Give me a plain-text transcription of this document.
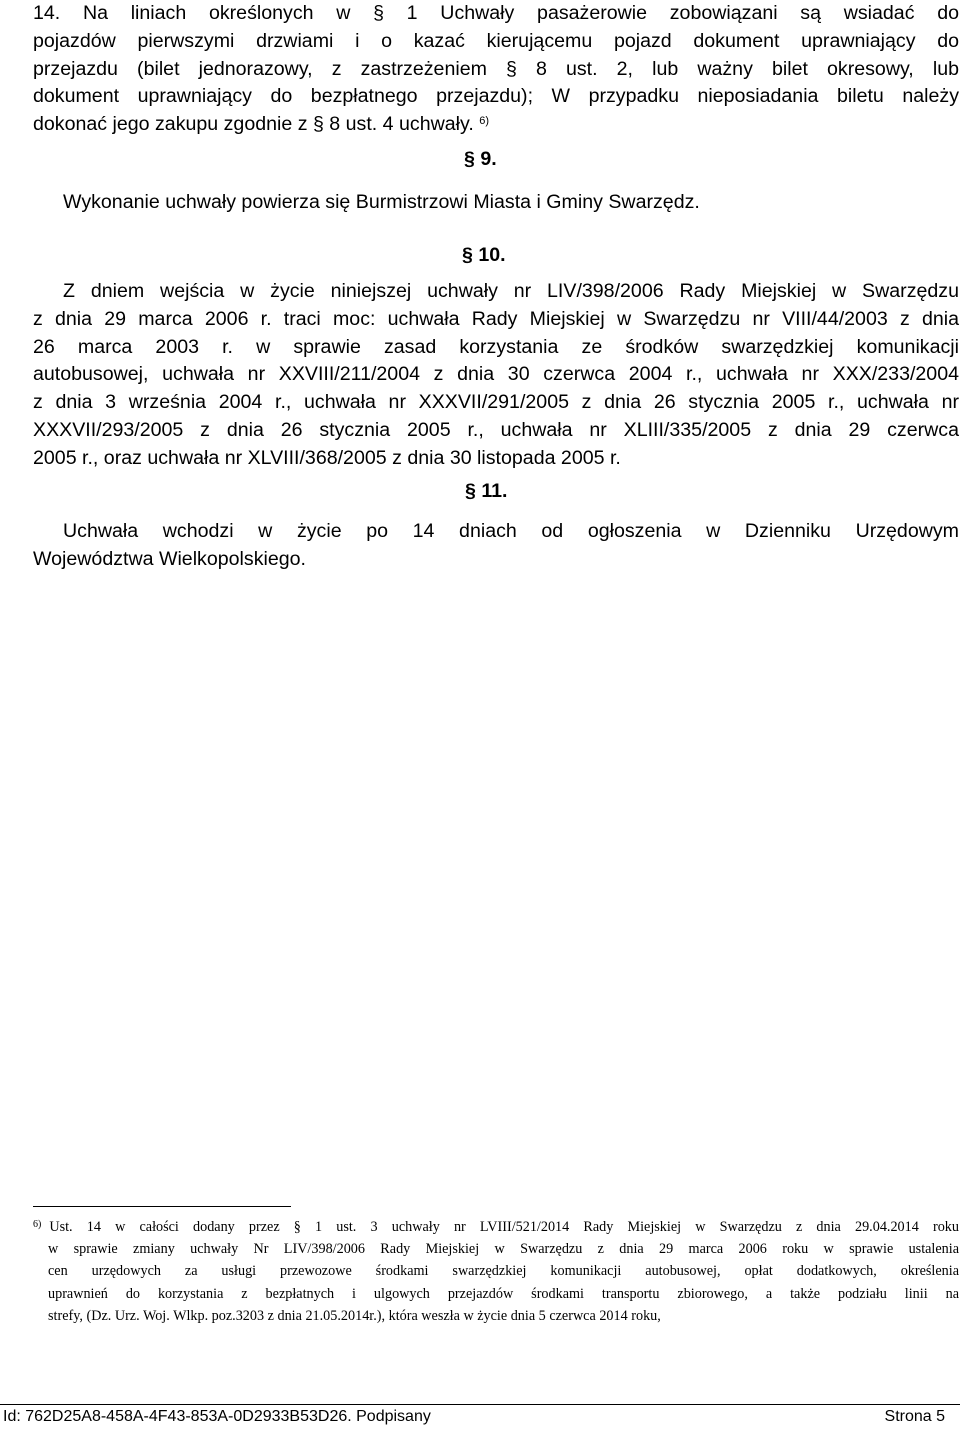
14. Na liniach określonych w § 1 Uchwały pasażerowie zobowiązani są wsiadać do
pojazdów pierwszymi drzwiami i o kazać kierującemu pojazd dokument uprawniający do
przejazdu (bilet jednorazowy, z zastrzeżeniem § 8 ust. 2, lub ważny bilet okresowy, lub
dokument uprawniający do bezpłatnego przejazdu); W przypadku nieposiadania biletu należy
dokonać jego zakupu zgodnie z § 8 ust. 4 uchwały. $^{6)}$

§ 9.

Wykonanie uchwały powierza się Burmistrzowi Miasta i Gminy Swarzędz.

§ 10.

Z dniem wejścia w życie niniejszej uchwały nr LIV/398/2006 Rady Miejskiej w Swarzędzu
z dnia 29 marca 2006 r. traci moc: uchwała Rady Miejskiej w Swarzędzu nr VIII/44/2003 z dnia
26 marca 2003 r. w sprawie zasad korzystania ze środków swarzędzkiej komunikacji
autobusowej, uchwała nr XXVIII/211/2004 z dnia 30 czerwca 2004 r., uchwała nr XXX/233/2004
z dnia 3 września 2004 r., uchwała nr XXXVII/291/2005 z dnia 26 stycznia 2005 r., uchwała nr
XXXVII/293/2005 z dnia 26 stycznia 2005 r., uchwała nr XLIII/335/2005 z dnia 29 czerwca
2005 r., oraz uchwała nr XLVIII/368/2005 z dnia 30 listopada 2005 r.

§ 11.

Uchwała wchodzi w życie po 14 dniach od ogłoszenia w Dzienniku Urzędowym
Województwa Wielkopolskiego.
$^{6)}$ Ust. 14 w całości dodany przez § 1 ust. 3 uchwały nr LVIII/521/2014 Rady Miejskiej w Swarzędzu z dnia 29.04.2014 roku
w sprawie zmiany uchwały Nr LIV/398/2006 Rady Miejskiej w Swarzędzu z dnia 29 marca 2006 roku w sprawie ustalenia
cen urzędowych za usługi przewozowe środkami swarzędzkiej komunikacji autobusowej, opłat dodatkowych, określenia
uprawnień do korzystania z bezpłatnych i ulgowych przejazdów środkami transportu zbiorowego, a także podziału linii na
strefy, (Dz. Urz. Woj. Wlkp. poz.3203 z dnia 21.05.2014r.), która weszła w życie dnia 5 czerwca 2014 roku,
Id: 762D25A8-458A-4F43-853A-0D2933B53D26. Podpisany	Strona 5
